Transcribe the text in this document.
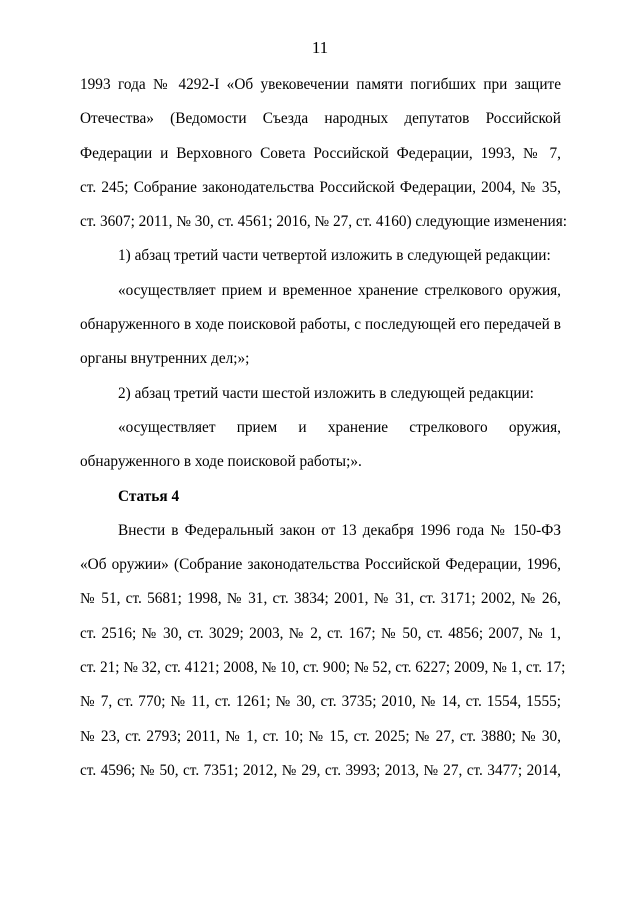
11
1993 года № 4292-I «Об увековечении памяти погибших при защите
Отечества» (Ведомости Съезда народных депутатов Российской
Федерации и Верховного Совета Российской Федерации, 1993, № 7,
ст. 245; Собрание законодательства Российской Федерации, 2004, № 35,
ст. 3607; 2011, № 30, ст. 4561; 2016, № 27, ст. 4160) следующие изменения:
1) абзац третий части четвертой изложить в следующей редакции:
«осуществляет прием и временное хранение стрелкового оружия,
обнаруженного в ходе поисковой работы, с последующей его передачей в
органы внутренних дел;»;
2) абзац третий части шестой изложить в следующей редакции:
«осуществляет прием и хранение стрелкового оружия,
обнаруженного в ходе поисковой работы;».
Статья 4
Внести в Федеральный закон от 13 декабря 1996 года № 150-ФЗ
«Об оружии» (Собрание законодательства Российской Федерации, 1996,
№ 51, ст. 5681; 1998, № 31, ст. 3834; 2001, № 31, ст. 3171; 2002, № 26,
ст. 2516; № 30, ст. 3029; 2003, № 2, ст. 167; № 50, ст. 4856; 2007, № 1,
ст. 21; № 32, ст. 4121; 2008, № 10, ст. 900; № 52, ст. 6227; 2009, № 1, ст. 17;
№ 7, ст. 770; № 11, ст. 1261; № 30, ст. 3735; 2010, № 14, ст. 1554, 1555;
№ 23, ст. 2793; 2011, № 1, ст. 10; № 15, ст. 2025; № 27, ст. 3880; № 30,
ст. 4596; № 50, ст. 7351; 2012, № 29, ст. 3993; 2013, № 27, ст. 3477; 2014,
